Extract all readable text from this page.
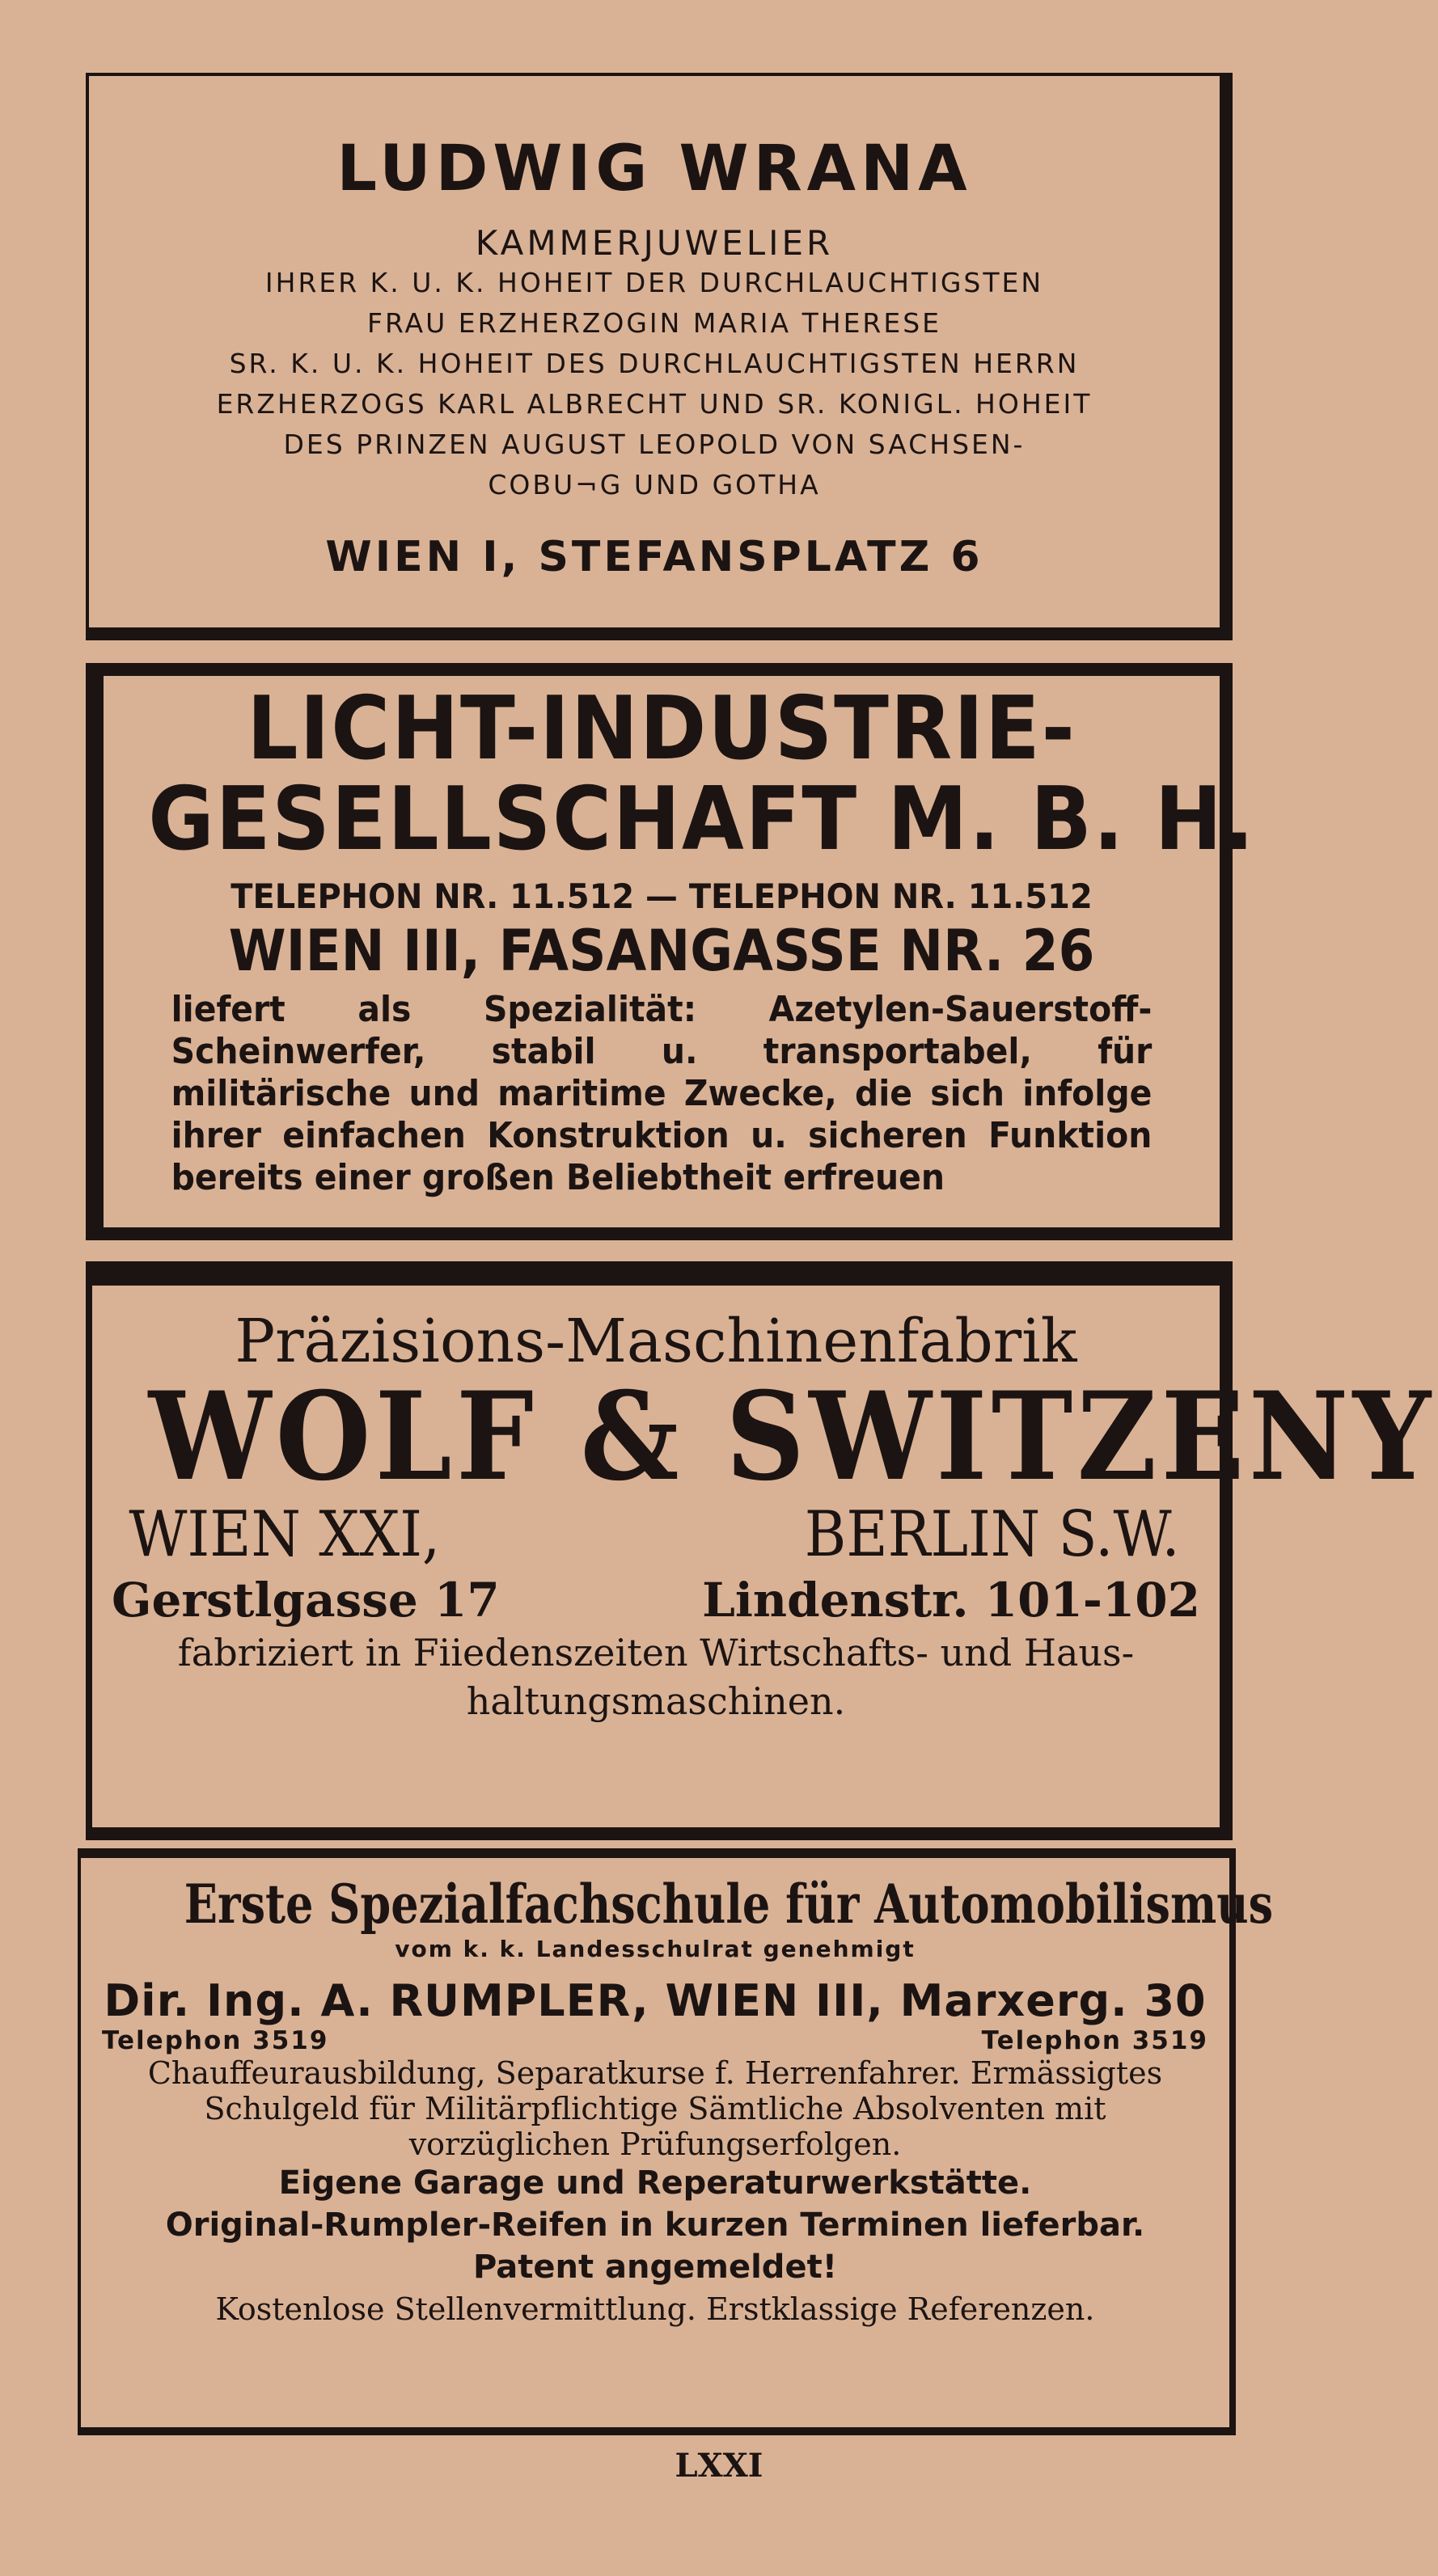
LUDWIG WRANA
KAMMERJUWELIER
IHRER K. U. K. HOHEIT DER DURCHLAUCHTIGSTEN
FRAU ERZHERZOGIN MARIA THERESE
SR. K. U. K. HOHEIT DES DURCHLAUCHTIGSTEN HERRN
ERZHERZOGS KARL ALBRECHT UND SR. KONIGL. HOHEIT
DES PRINZEN AUGUST LEOPOLD VON SACHSEN-
COBU¬G UND GOTHA
WIEN I, STEFANSPLATZ 6
LICHT-INDUSTRIE-
GESELLSCHAFT M. B. H.
TELEPHON NR. 11.512 — TELEPHON NR. 11.512
WIEN III, FASANGASSE NR. 26
liefert als Spezialität: Azetylen-Sauerstoff-Scheinwerfer, stabil u. transportabel, für militärische und maritime Zwecke, die sich infolge ihrer einfachen Konstruktion u. sicheren Funktion bereits einer großen Beliebtheit erfreuen
Präzisions-Maschinenfabrik
WOLF & SWITZENY
WIEN XXI,	BERLIN S.W.
Gerstlgasse 17	Lindenstr. 101-102
fabriziert in Fiiedenszeiten Wirtschafts- und Haus-
haltungsmaschinen.
Erste Spezialfachschule für Automobilismus
vom k. k. Landesschulrat genehmigt
Dir. Ing. A. RUMPLER, WIEN III, Marxerg. 30
Telephon 3519	Telephon 3519
Chauffeurausbildung, Separatkurse f. Herrenfahrer. Ermässigtes
Schulgeld für Militärpflichtige Sämtliche Absolventen mit
vorzüglichen Prüfungserfolgen.
Eigene Garage und Reperaturwerkstätte.
Original-Rumpler-Reifen in kurzen Terminen lieferbar.
Patent angemeldet!
Kostenlose Stellenvermittlung. Erstklassige Referenzen.
LXXI
